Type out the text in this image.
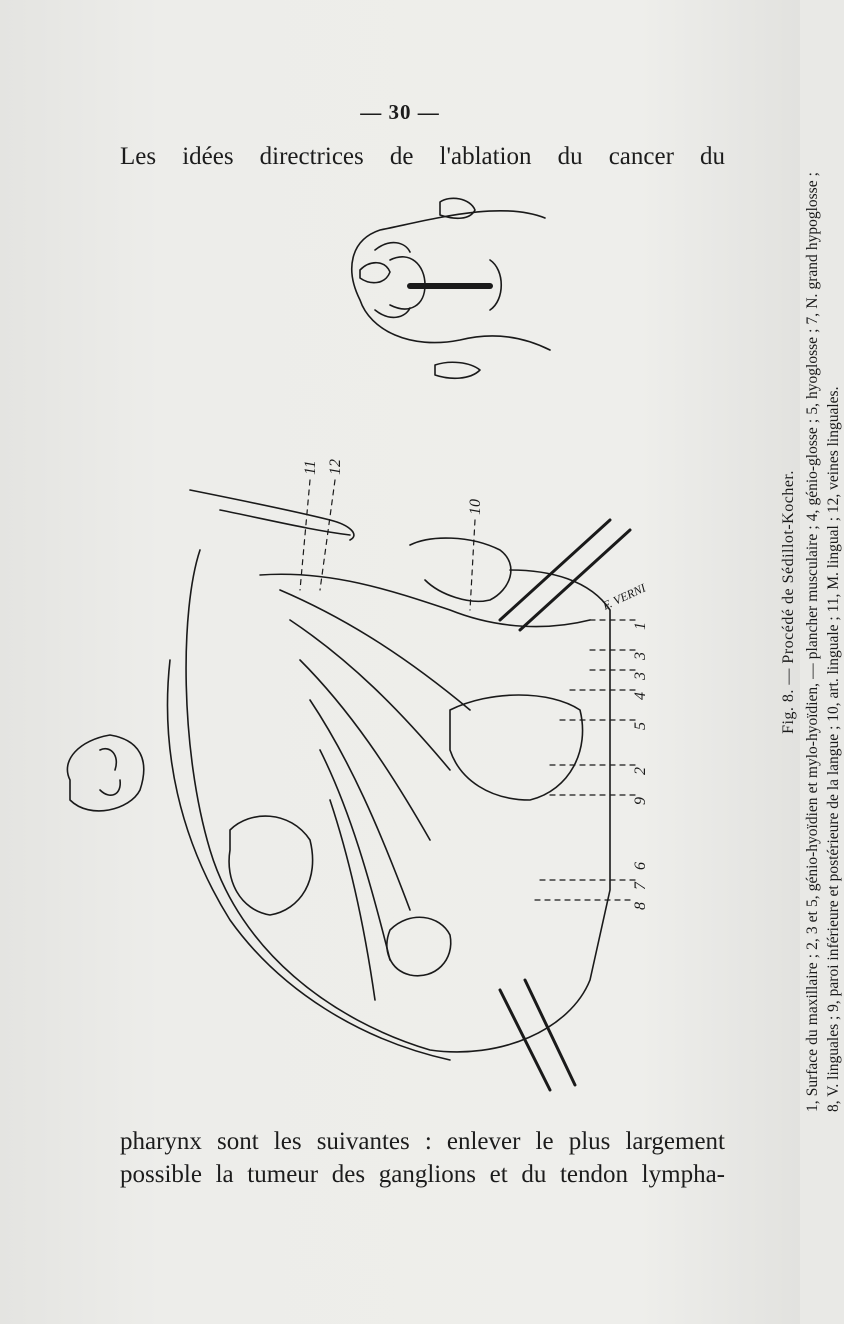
— 30 —
Les idées directrices de l'ablation du cancer du
11 12
10
1
3
3
4
5
2
9
6
7
8
F. VERNI	Fig. 8. — Procédé de Sédillot-Kocher. 1, Surface du maxillaire ; 2, 3 et 5, génio-hyoïdien et mylo-hyoïdien, — plancher musculaire ; 4, génio-glosse ; 5, hyoglosse ; 7, N. grand hypoglosse ; 8, V. linguales ; 9, paroi inférieure et postérieure de la langue ; 10, art. linguale ; 11, M. lingual ; 12, veines linguales.
pharynx sont les suivantes : enlever le plus largement
possible la tumeur des ganglions et du tendon lympha-
